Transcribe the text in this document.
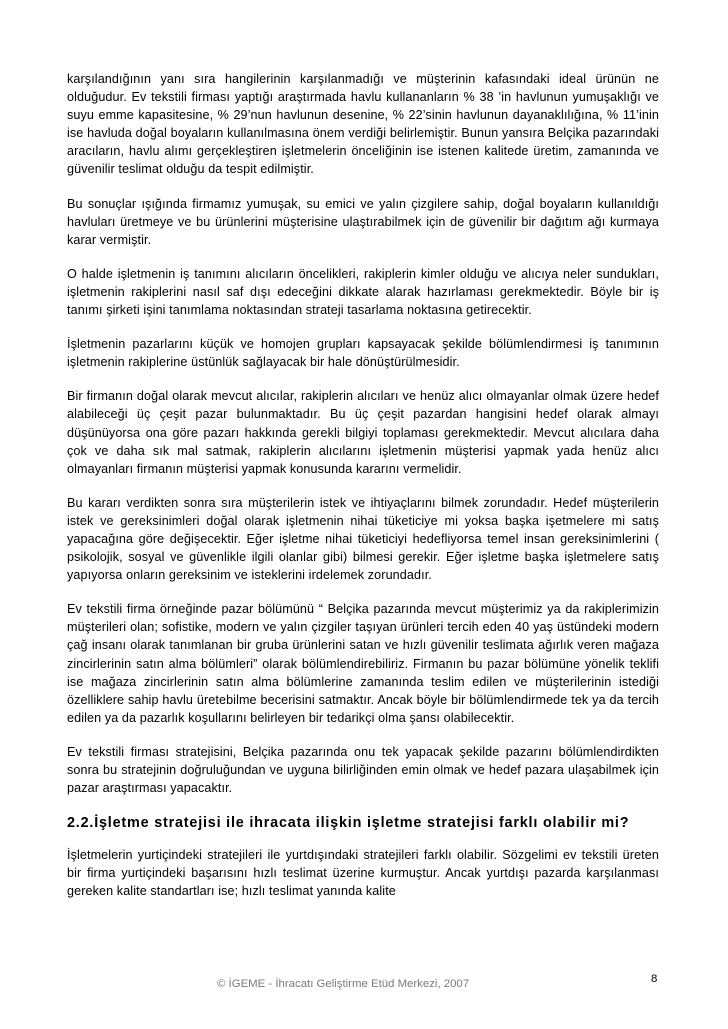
karşılandığının yanı sıra hangilerinin karşılanmadığı ve müşterinin kafasındaki ideal ürünün ne olduğudur. Ev tekstili firması yaptığı araştırmada havlu kullananların % 38 ’in havlunun yumuşaklığı ve suyu emme kapasitesine, % 29’nun havlunun desenine, % 22’sinin havlunun dayanaklılığına, % 11’inin ise havluda doğal boyaların kullanılmasına önem verdiği belirlemiştir. Bunun yansıra Belçika pazarındaki aracıların, havlu alımı gerçekleştiren işletmelerin önceliğinin ise istenen kalitede üretim, zamanında ve güvenilir teslimat olduğu da tespit edilmiştir.

Bu sonuçlar ışığında firmamız yumuşak, su emici ve yalın çizgilere sahip, doğal boyaların kullanıldığı havluları üretmeye ve bu ürünlerini müşterisine ulaştırabilmek için de güvenilir bir dağıtım ağı kurmaya karar vermiştir.

O halde işletmenin iş tanımını alıcıların öncelikleri, rakiplerin kimler olduğu ve alıcıya neler sundukları, işletmenin rakiplerini nasıl saf dışı edeceğini dikkate alarak hazırlaması gerekmektedir. Böyle bir iş tanımı şirketi işini tanımlama noktasından strateji tasarlama noktasına getirecektir.

İşletmenin pazarlarını küçük ve homojen grupları kapsayacak şekilde bölümlendirmesi iş tanımının işletmenin rakiplerine üstünlük sağlayacak bir hale dönüştürülmesidir.

Bir firmanın doğal olarak mevcut alıcılar, rakiplerin alıcıları ve henüz alıcı olmayanlar olmak üzere hedef alabileceği üç çeşit pazar bulunmaktadır. Bu üç çeşit pazardan hangisini hedef olarak almayı düşünüyorsa ona göre pazarı hakkında gerekli bilgiyi toplaması gerekmektedir. Mevcut alıcılara daha çok ve daha sık mal satmak, rakiplerin alıcılarını işletmenin müşterisi yapmak yada henüz alıcı olmayanları firmanın müşterisi yapmak konusunda kararını vermelidir.

Bu kararı verdikten sonra sıra müşterilerin istek ve ihtiyaçlarını bilmek zorundadır. Hedef müşterilerin istek ve gereksinimleri doğal olarak işletmenin nihai tüketiciye mi yoksa başka işetmelere mi satış yapacağına göre değişecektir. Eğer işletme nihai tüketiciyi hedefliyorsa temel insan gereksinimlerini ( psikolojik, sosyal ve güvenlikle ilgili olanlar gibi) bilmesi gerekir. Eğer işletme başka işletmelere satış yapıyorsa onların gereksinim ve isteklerini irdelemek zorundadır.

Ev tekstili firma örneğinde pazar bölümünü “ Belçika pazarında mevcut müşterimiz ya da rakiplerimizin müşterileri olan; sofistike, modern ve yalın çizgiler taşıyan ürünleri tercih eden 40 yaş üstündeki modern çağ insanı olarak tanımlanan bir gruba ürünlerini satan ve hızlı güvenilir teslimata ağırlık veren mağaza zincirlerinin satın alma bölümleri” olarak bölümlendirebiliriz. Firmanın bu pazar bölümüne yönelik teklifi ise mağaza zincirlerinin satın alma bölümlerine zamanında teslim edilen ve müşterilerinin istediği özelliklere sahip havlu üretebilme becerisini satmaktır. Ancak böyle bir bölümlendirmede tek ya da tercih edilen ya da pazarlık koşullarını belirleyen bir tedarikçi olma şansı olabilecektir.

Ev tekstili firması stratejisini, Belçika pazarında onu tek yapacak şekilde pazarını bölümlendirdikten sonra bu stratejinin doğruluğundan ve uyguna bilirliğinden emin olmak ve hedef pazara ulaşabilmek için pazar araştırması yapacaktır.

2.2.İşletme stratejisi ile ihracata ilişkin işletme stratejisi farklı olabilir mi?

İşletmelerin yurtiçindeki stratejileri ile yurtdışındaki stratejileri farklı olabilir. Sözgelimi ev tekstili üreten bir firma yurtiçindeki başarısını hızlı teslimat üzerine kurmuştur. Ancak yurtdışı pazarda karşılanması gereken kalite standartları ise; hızlı teslimat yanında kalite

© İGEME - İhracatı Geliştirme Etüd Merkezi, 2007	8
